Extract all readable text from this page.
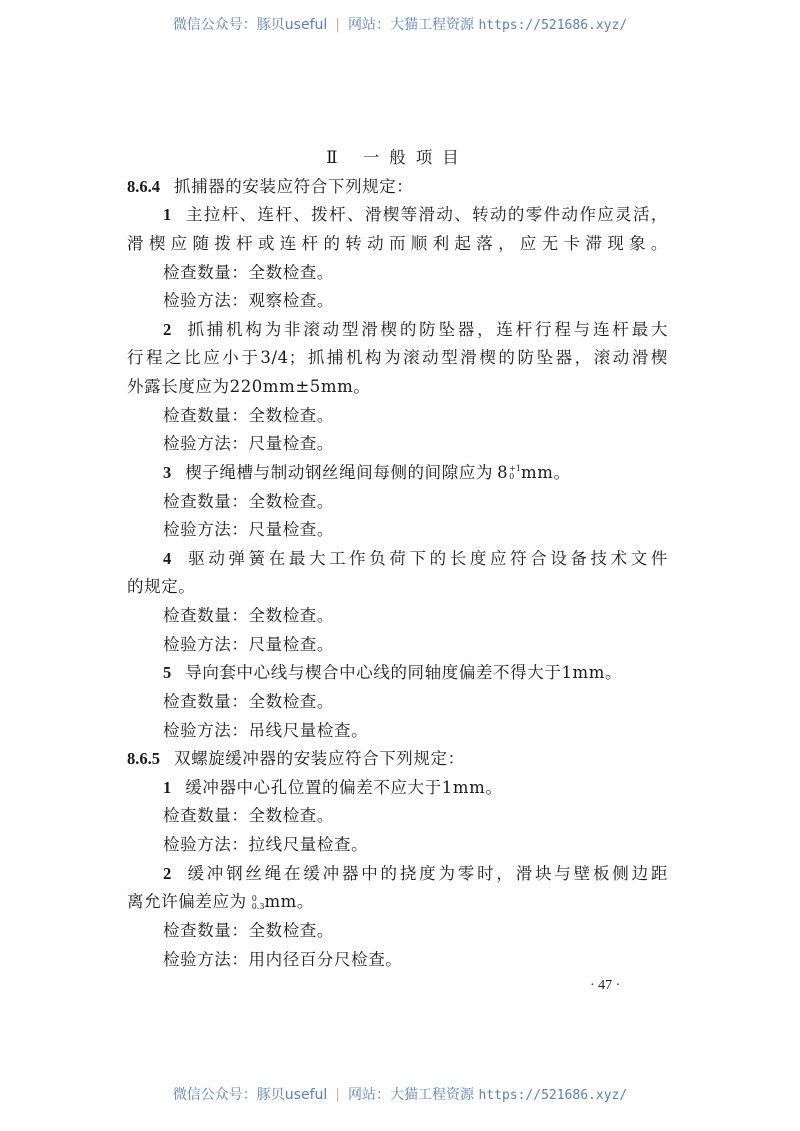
微信公众号：豚贝useful | 网站：大猫工程资源 https://521686.xyz/
Ⅱ 一般项目
8.6.4 抓捕器的安装应符合下列规定：
1 主拉杆、连杆、拨杆、滑楔等滑动、转动的零件动作应灵活，
滑楔应随拨杆或连杆的转动而顺利起落，应无卡滞现象。
检查数量：全数检查。
检验方法：观察检查。
2 抓捕机构为非滚动型滑楔的防坠器，连杆行程与连杆最大
行程之比应小于3/4；抓捕机构为滚动型滑楔的防坠器，滚动滑楔
外露长度应为220mm±5mm。
检查数量：全数检查。
检验方法：尺量检查。
3 楔子绳槽与制动钢丝绳间每侧的间隙应为 8 +1
0 mm。
检查数量：全数检查。
检验方法：尺量检查。
4 驱动弹簧在最大工作负荷下的长度应符合设备技术文件
的规定。
检查数量：全数检查。
检验方法：尺量检查。
5 导向套中心线与楔合中心线的同轴度偏差不得大于1mm。
检查数量：全数检查。
检验方法：吊线尺量检查。
8.6.5 双螺旋缓冲器的安装应符合下列规定：
1 缓冲器中心孔位置的偏差不应大于1mm。
检查数量：全数检查。
检验方法：拉线尺量检查。
2 缓冲钢丝绳在缓冲器中的挠度为零时，滑块与壁板侧边距
离允许偏差应为 0
0.3 mm。
检查数量：全数检查。
检验方法：用内径百分尺检查。
· 47 ·
微信公众号：豚贝useful | 网站：大猫工程资源 https://521686.xyz/
